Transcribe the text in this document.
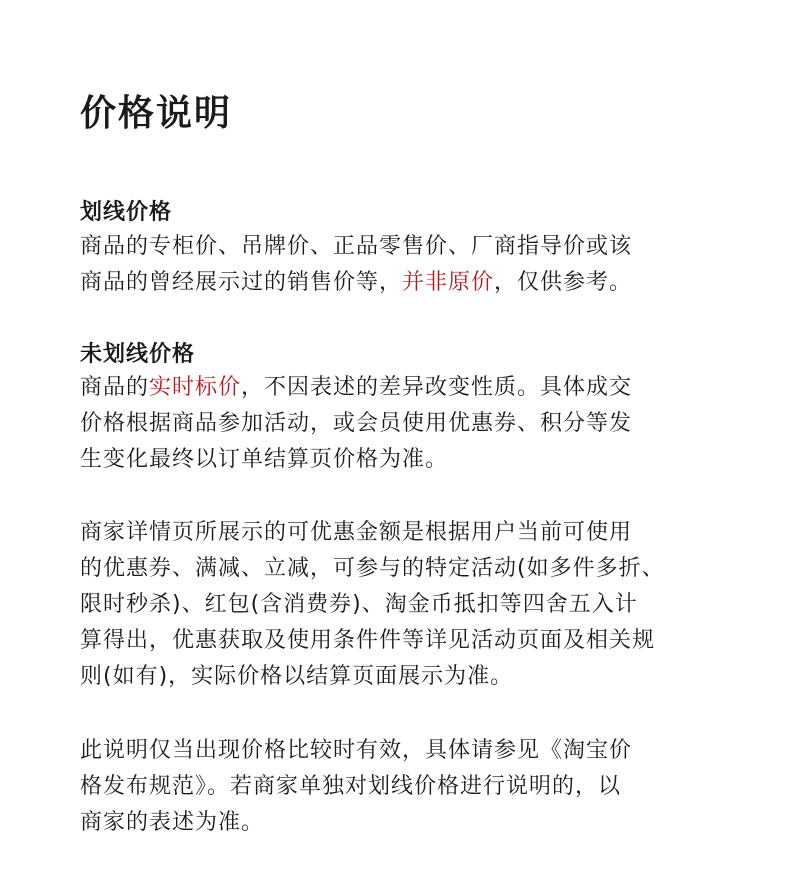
价格说明
划线价格

商品的专柜价、吊牌价、正品零售价、厂商指导价或该
商品的曾经展示过的销售价等，并非原价，仅供参考。

未划线价格

商品的实时标价，不因表述的差异改变性质。具体成交
价格根据商品参加活动，或会员使用优惠券、积分等发
生变化最终以订单结算页价格为准。

商家详情页所展示的可优惠金额是根据用户当前可使用
的优惠券、满减、立减，可参与的特定活动(如多件多折、
限时秒杀)、红包(含消费券)、淘金币抵扣等四舍五入计
算得出，优惠获取及使用条件件等详见活动页面及相关规
则(如有)，实际价格以结算页面展示为准。

此说明仅当出现价格比较时有效，具体请参见《淘宝价
格发布规范》。若商家单独对划线价格进行说明的，以
商家的表述为准。
